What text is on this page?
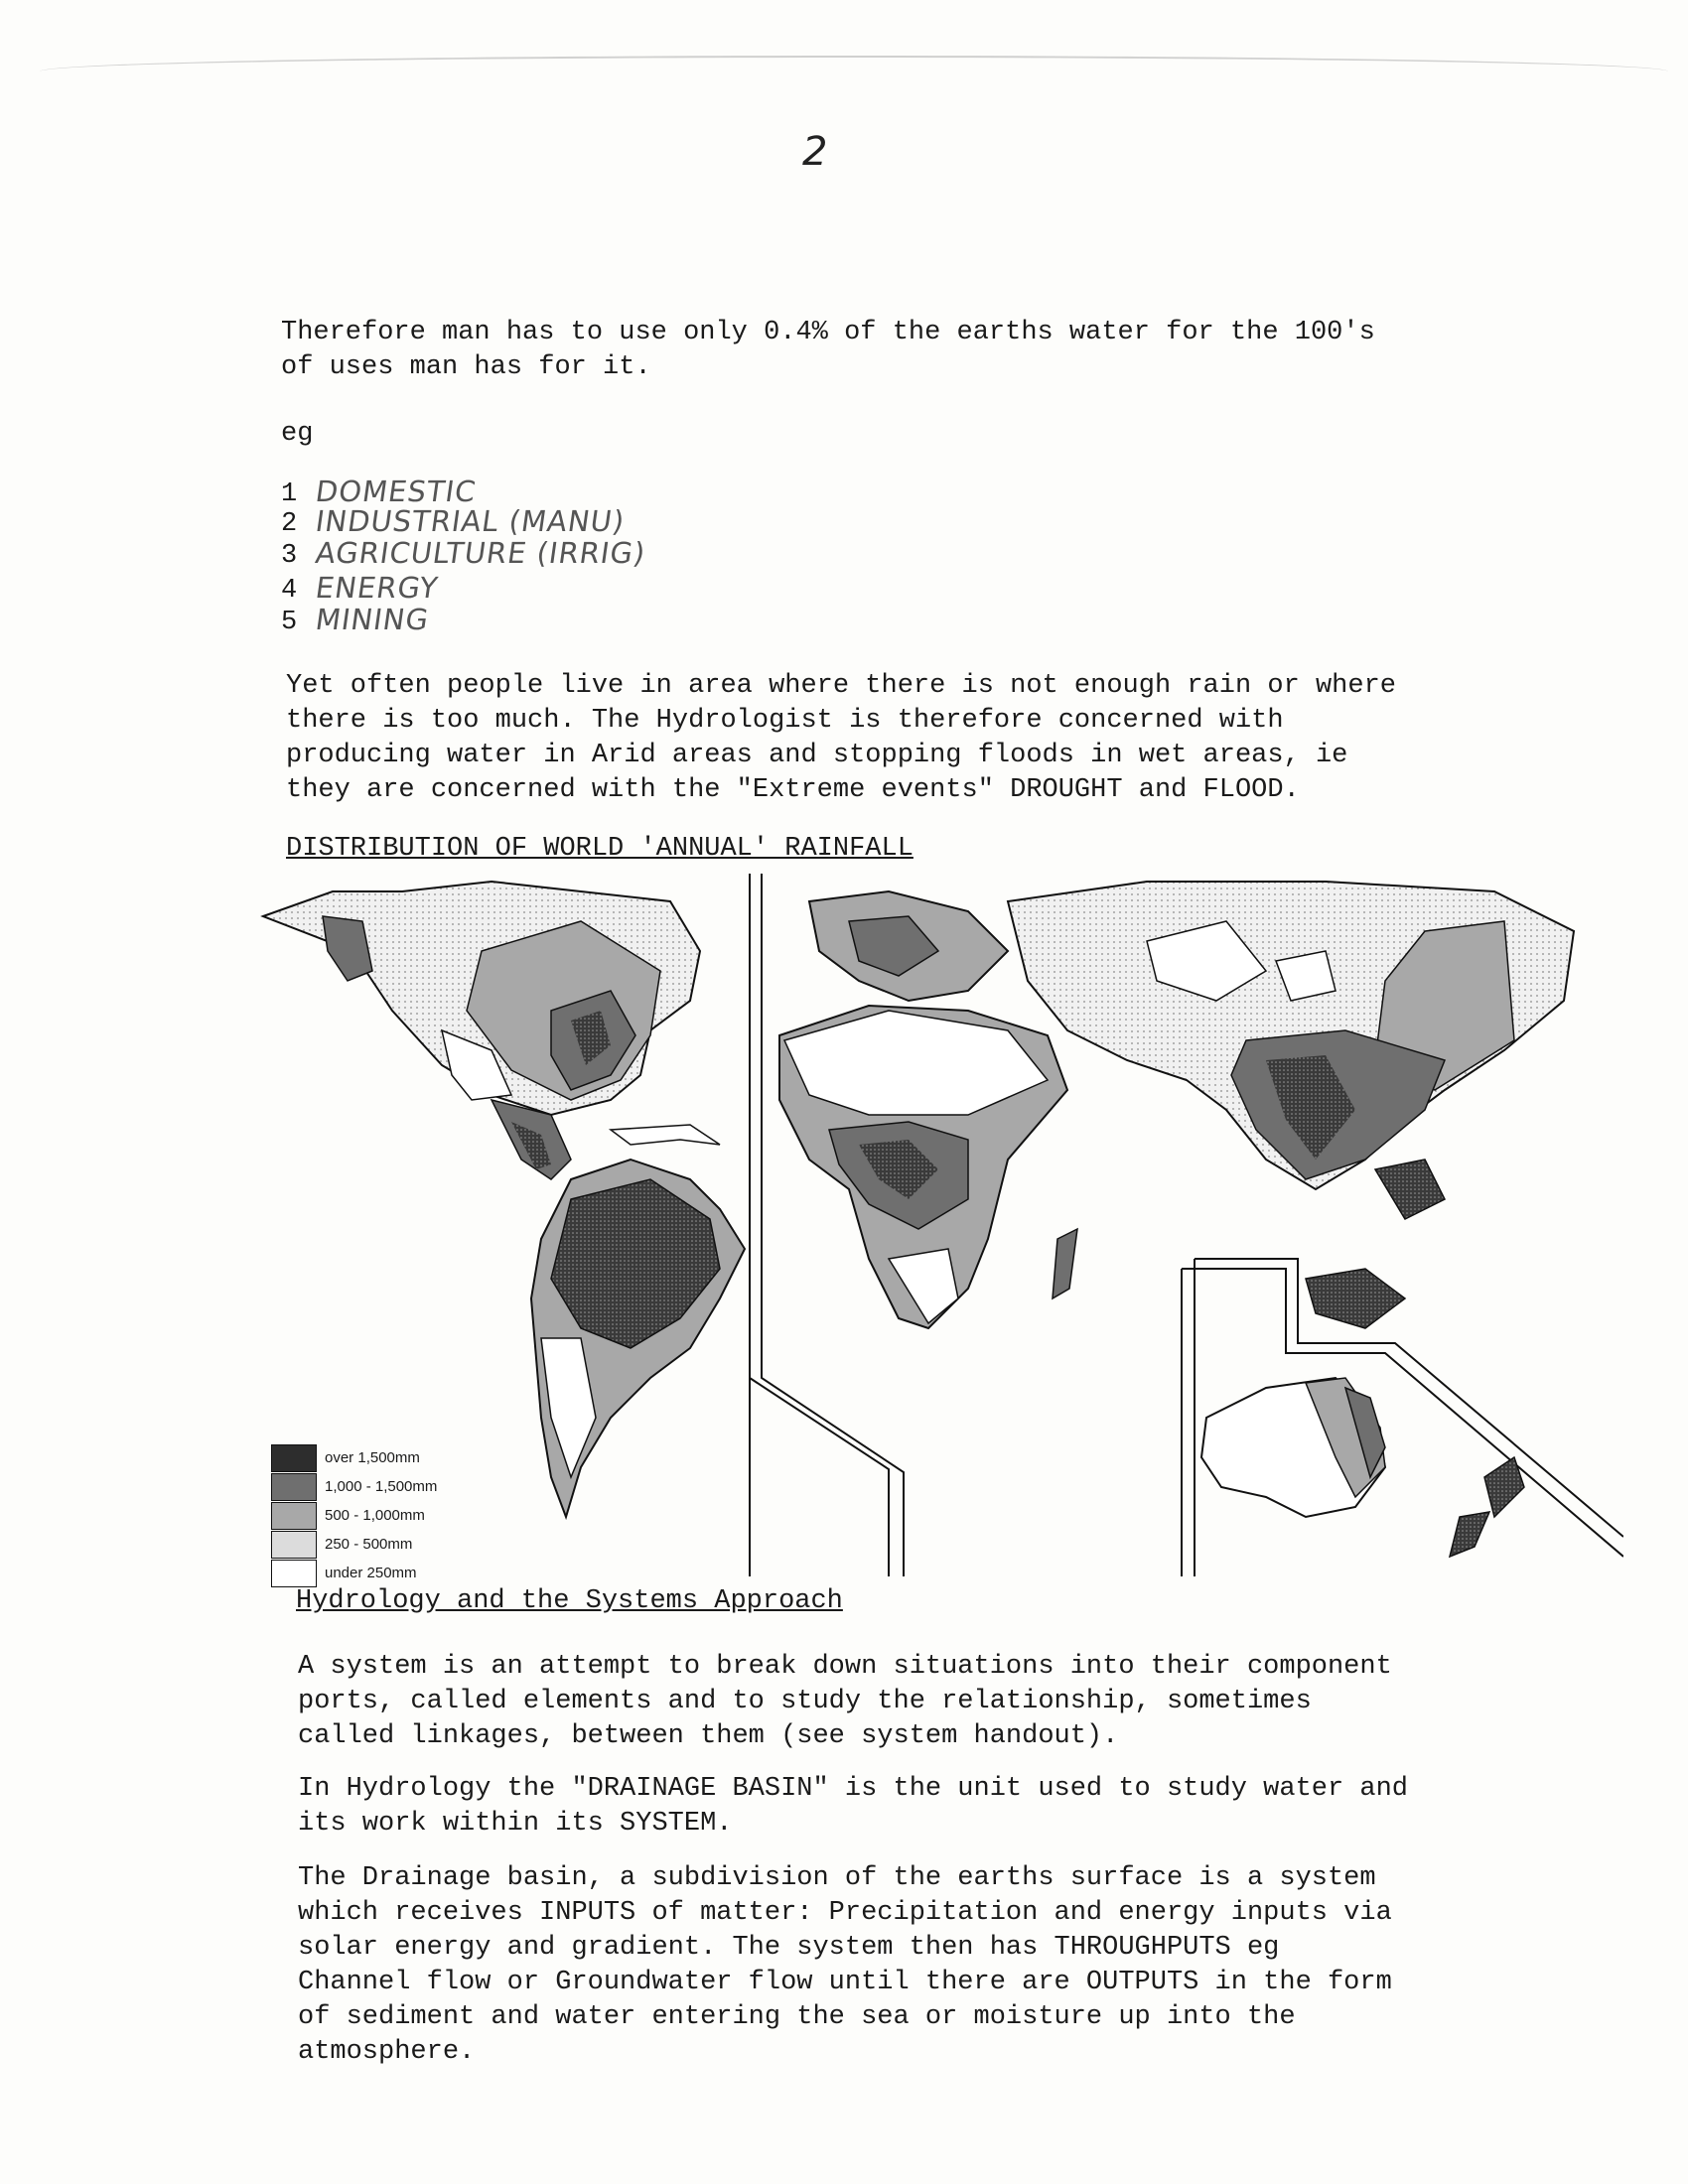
2

Therefore man has to use only 0.4% of the earths water for the 100's
of uses man has for it.

eg
1 DOMESTIC
2 INDUSTRIAL (MANU)
3 AGRICULTURE (IRRIG)
4 ENERGY
5 MINING

Yet often people live in area where there is not enough rain or where
there is too much. The Hydrologist is therefore concerned with
producing water in Arid areas and stopping floods in wet areas, ie
they are concerned with the "Extreme events" DROUGHT and FLOOD.

DISTRIBUTION OF WORLD 'ANNUAL' RAINFALL
over 1,500mm
1,000 - 1,500mm
500 - 1,000mm
250 - 500mm
under 250mm
Hydrology and the Systems Approach

A system is an attempt to break down situations into their component
ports, called elements and to study the relationship, sometimes
called linkages, between them (see system handout).

In Hydrology the "DRAINAGE BASIN" is the unit used to study water and
its work within its SYSTEM.

The Drainage basin, a subdivision of the earths surface is a system
which receives INPUTS of matter: Precipitation and energy inputs via
solar energy and gradient. The system then has THROUGHPUTS eg
Channel flow or Groundwater flow until there are OUTPUTS in the form
of sediment and water entering the sea or moisture up into the
atmosphere.
